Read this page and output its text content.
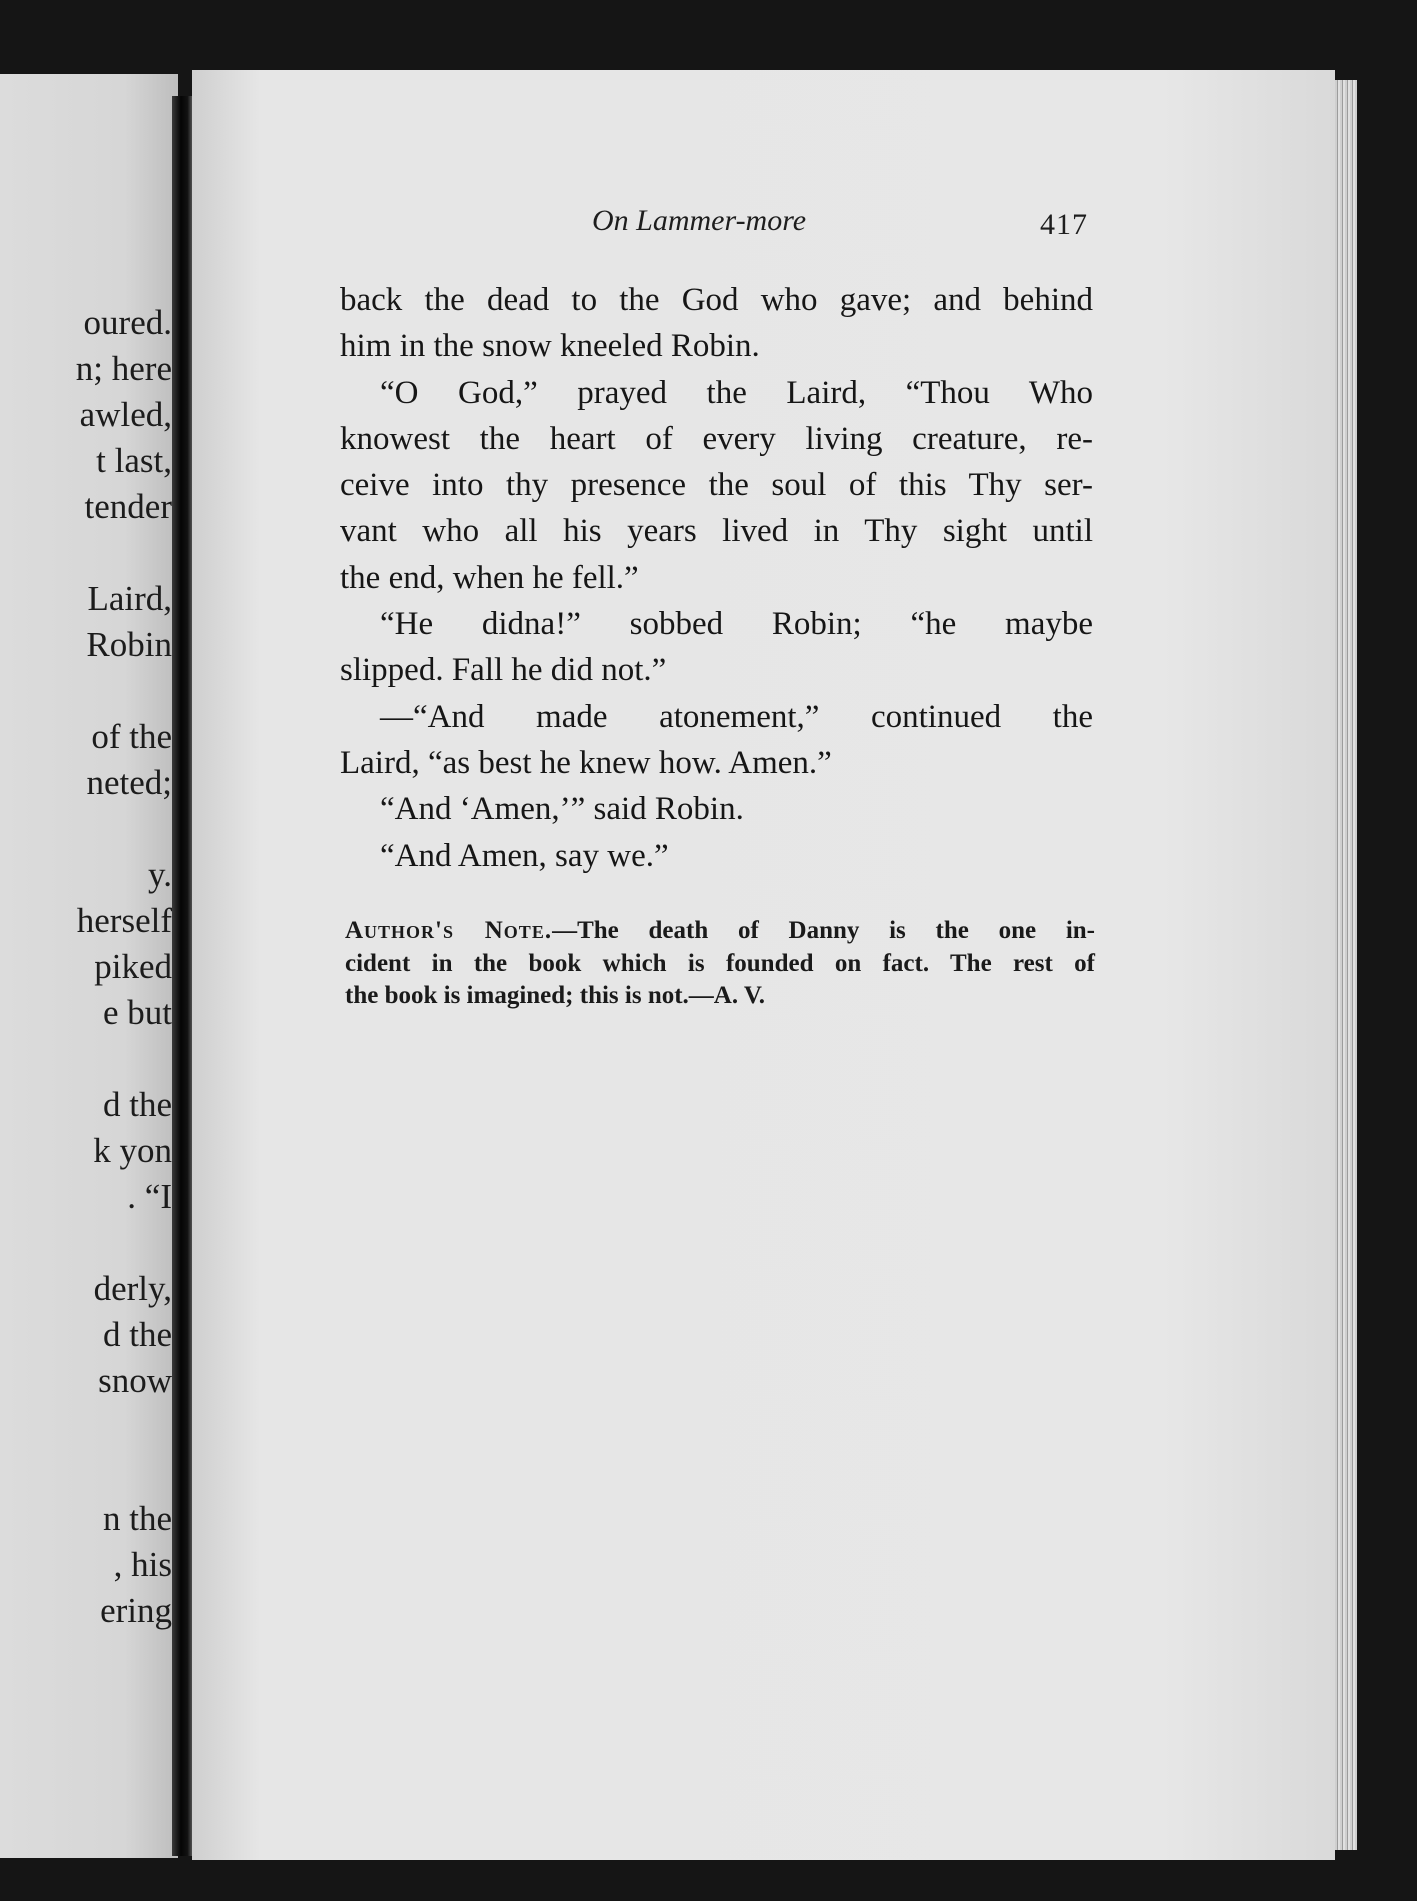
oured.
n; here
awled,
t last,
tender
Laird,
Robin
of the
neted;
y.
herself
piked
e but
d the
k yon
. “I
derly,
d the
snow
n the
, his
ering
On Lammer-more	417
back the dead to the God who gave; and behind
him in the snow kneeled Robin.
“O God,” prayed the Laird, “Thou Who
knowest the heart of every living creature, re-
ceive into thy presence the soul of this Thy ser-
vant who all his years lived in Thy sight until
the end, when he fell.”
“He didna!” sobbed Robin; “he maybe
slipped. Fall he did not.”
—“And made atonement,” continued the
Laird, “as best he knew how. Amen.”
“And ‘Amen,’” said Robin.
“And Amen, say we.”
Author's Note.—The death of Danny is the one in-
cident in the book which is founded on fact. The rest of
the book is imagined; this is not.—A. V.
